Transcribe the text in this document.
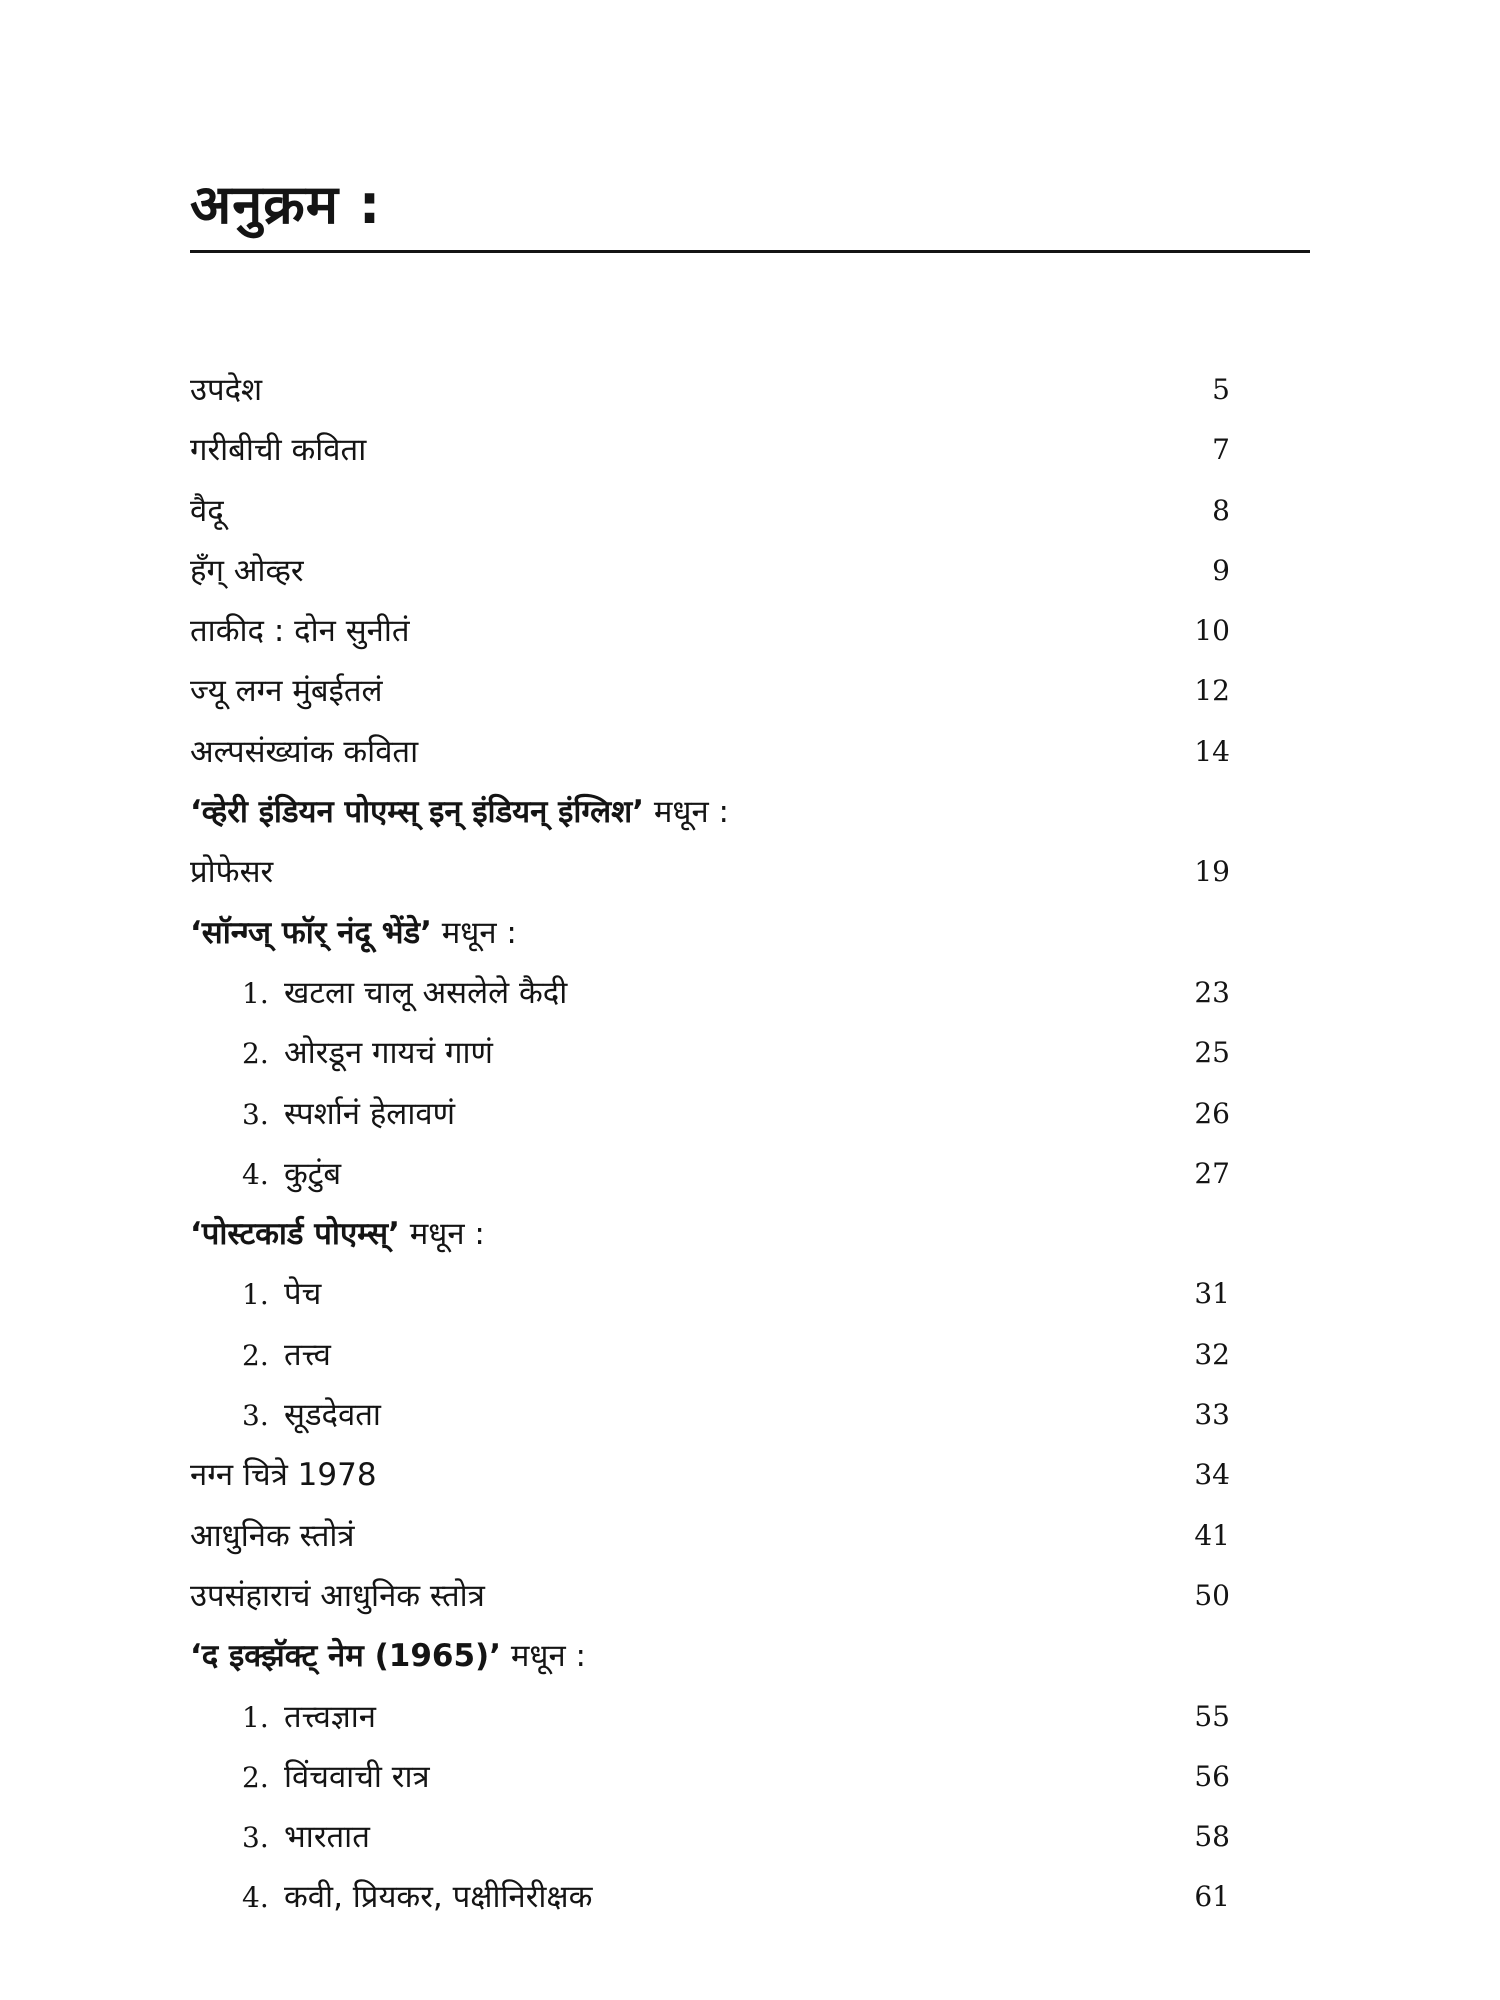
अनुक्रम :
उपदेश	5
गरीबीची कविता	7
वैदू	8
हँग् ओव्हर	9
ताकीद : दोन सुनीतं	10
ज्यू लग्न मुंबईतलं	12
अल्पसंख्यांक कविता	14
‘व्हेरी इंडियन पोएम्स् इन् इंडियन् इंग्लिश’ मधून :
प्रोफेसर	19
‘सॉन्ग्ज् फॉर् नंदू भेंडे’ मधून :
1. खटला चालू असलेले कैदी	23
2. ओरडून गायचं गाणं	25
3. स्पर्शानं हेलावणं	26
4. कुटुंब	27
‘पोस्टकार्ड पोएम्स्’ मधून :
1. पेच	31
2. तत्त्व	32
3. सूडदेवता	33
नग्न चित्रे 1978	34
आधुनिक स्तोत्रं	41
उपसंहाराचं आधुनिक स्तोत्र	50
‘द इक्झॅक्ट् नेम (1965)’ मधून :
1. तत्त्वज्ञान	55
2. विंचवाची रात्र	56
3. भारतात	58
4. कवी, प्रियकर, पक्षीनिरीक्षक	61
